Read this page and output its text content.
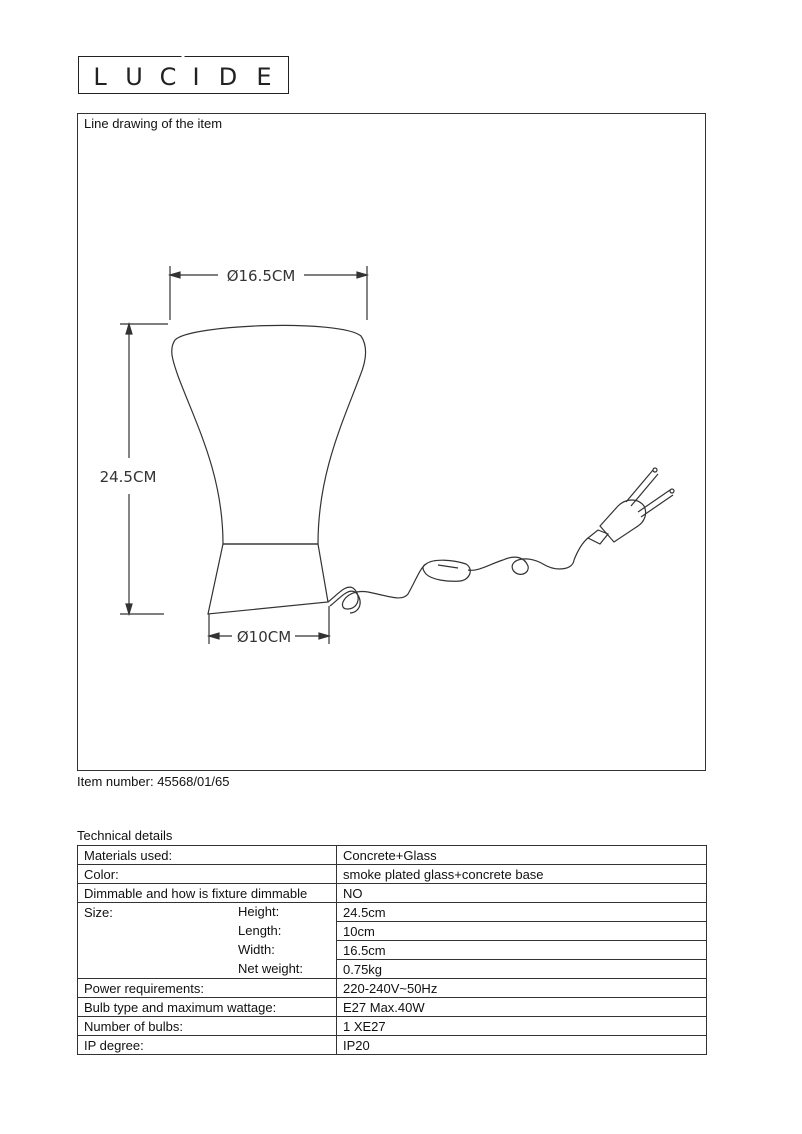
L U C I D E
Line drawing of the item
Ø16.5CM
24.5CM
Ø10CM
Item number: 45568/01/65
Technical details
Materials used:	Concrete+Glass
Color:	smoke plated glass+concrete base
Dimmable and how is fixture dimmable	NO
Size: Height:	24.5cm

Length:	10cm

Width:	16.5cm

Net weight:	0.75kg
Power requirements:	220-240V~50Hz
Bulb type and maximum wattage:	E27 Max.40W
Number of bulbs:	1 XE27
IP degree:	IP20
